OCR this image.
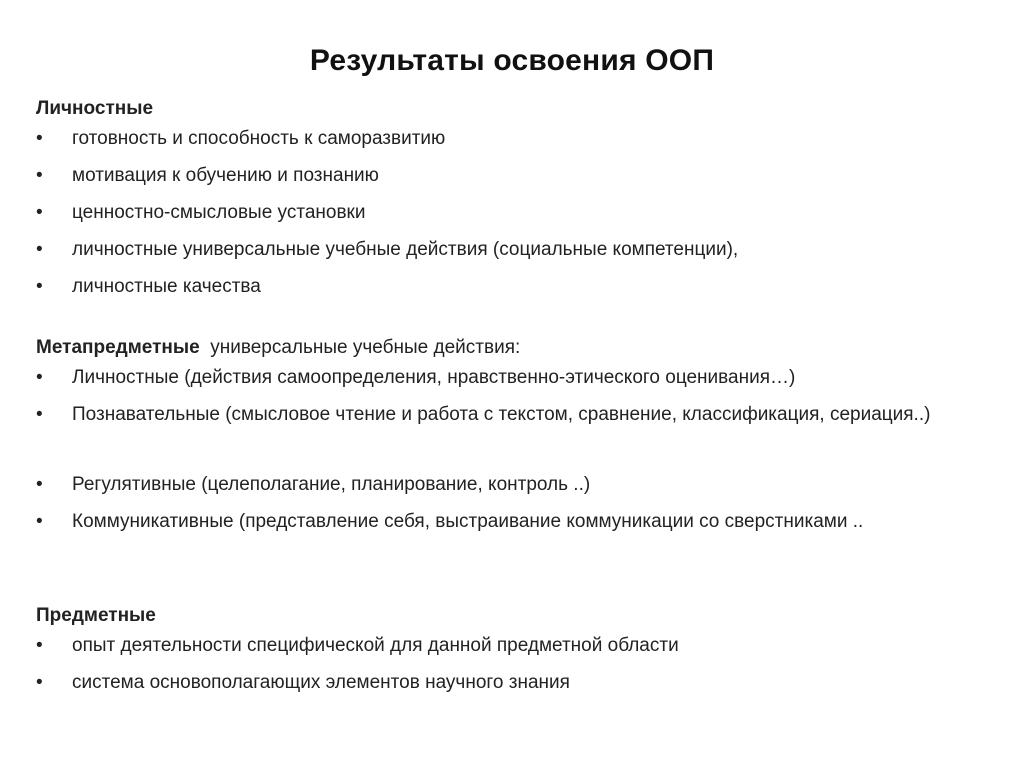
Результаты освоения ООП
Личностные
•	готовность и способность к саморазвитию
•	мотивация к обучению и познанию
•	ценностно-смысловые установки
•	личностные универсальные учебные действия (социальные компетенции),
•	личностные качества
Метапредметные универсальные учебные действия:
•	Личностные (действия самоопределения, нравственно-этического оценивания…)
•	Познавательные (смысловое чтение и работа с текстом, сравнение, классификация, сериация..)
•	Регулятивные (целеполагание, планирование, контроль ..)
•	Коммуникативные (представление себя, выстраивание коммуникации со сверстниками ..
Предметные
•	опыт деятельности специфической для данной предметной области
•	система основополагающих элементов научного знания
